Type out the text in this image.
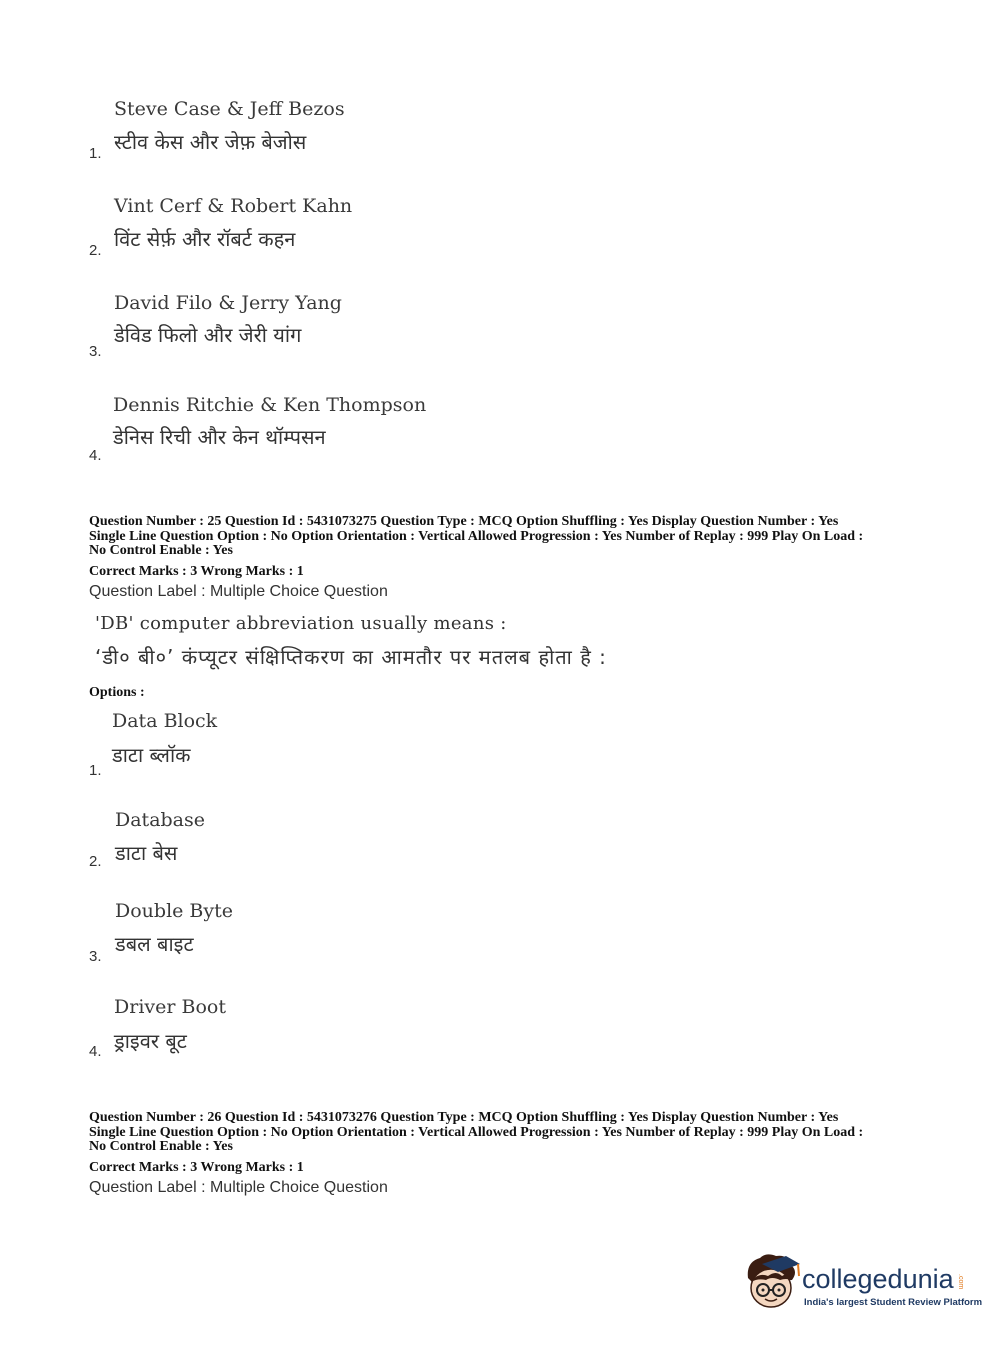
Steve Case & Jeff Bezos
स्टीव केस और जेफ़ बेजोस
1.
Vint Cerf & Robert Kahn
विंट सेर्फ़ और रॉबर्ट कहन
2.
David Filo & Jerry Yang
डेविड फिलो और जेरी यांग
3.
Dennis Ritchie & Ken Thompson
डेनिस रिची और केन थॉम्पसन
4.
Question Number : 25 Question Id : 5431073275 Question Type : MCQ Option Shuffling : Yes Display Question Number : Yes
Single Line Question Option : No Option Orientation : Vertical Allowed Progression : Yes Number of Replay : 999 Play On Load :
No Control Enable : Yes
Correct Marks : 3 Wrong Marks : 1
Question Label : Multiple Choice Question
'DB' computer abbreviation usually means :
‘डी० बी०’ कंप्यूटर संक्षिप्तिकरण का आमतौर पर मतलब होता है :
Options :
Data Block
डाटा ब्लॉक
1.
Database
डाटा बेस
2.
Double Byte
डबल बाइट
3.
Driver Boot
ड्राइवर बूट
4.
Question Number : 26 Question Id : 5431073276 Question Type : MCQ Option Shuffling : Yes Display Question Number : Yes
Single Line Question Option : No Option Orientation : Vertical Allowed Progression : Yes Number of Replay : 999 Play On Load :
No Control Enable : Yes
Correct Marks : 3 Wrong Marks : 1
Question Label : Multiple Choice Question
collegedunia .com
India's largest Student Review Platform
